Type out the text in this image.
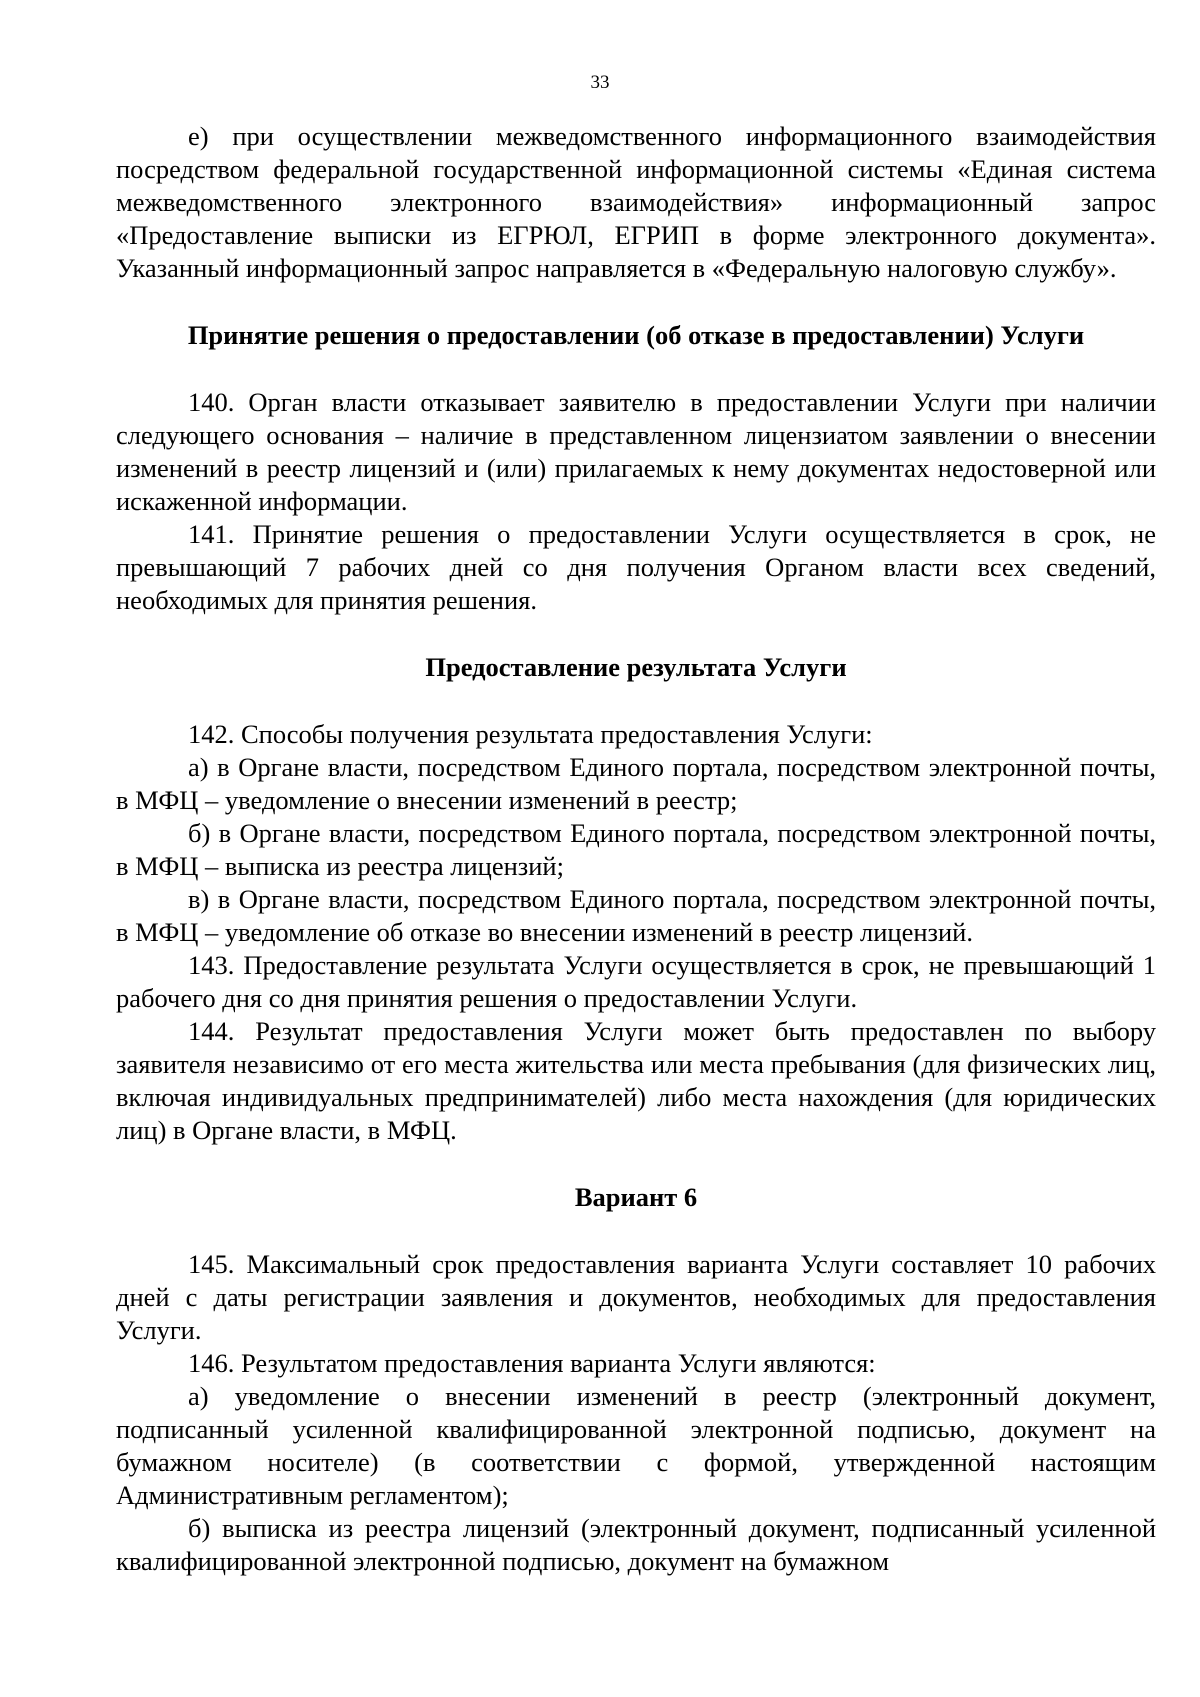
33

е) при осуществлении межведомственного информационного взаимодействия посредством федеральной государственной информационной системы «Единая система межведомственного электронного взаимодействия» информационный запрос «Предоставление выписки из ЕГРЮЛ, ЕГРИП в форме электронного документа». Указанный информационный запрос направляется в «Федеральную налоговую службу».

Принятие решения о предоставлении (об отказе в предоставлении) Услуги

140. Орган власти отказывает заявителю в предоставлении Услуги при наличии следующего основания – наличие в представленном лицензиатом заявлении о внесении изменений в реестр лицензий и (или) прилагаемых к нему документах недостоверной или искаженной информации.

141. Принятие решения о предоставлении Услуги осуществляется в срок, не превышающий 7 рабочих дней со дня получения Органом власти всех сведений, необходимых для принятия решения.

Предоставление результата Услуги

142. Способы получения результата предоставления Услуги:

а) в Органе власти, посредством Единого портала, посредством электронной почты, в МФЦ – уведомление о внесении изменений в реестр;

б) в Органе власти, посредством Единого портала, посредством электронной почты, в МФЦ – выписка из реестра лицензий;

в) в Органе власти, посредством Единого портала, посредством электронной почты, в МФЦ – уведомление об отказе во внесении изменений в реестр лицензий.

143. Предоставление результата Услуги осуществляется в срок, не превышающий 1 рабочего дня со дня принятия решения о предоставлении Услуги.

144. Результат предоставления Услуги может быть предоставлен по выбору заявителя независимо от его места жительства или места пребывания (для физических лиц, включая индивидуальных предпринимателей) либо места нахождения (для юридических лиц) в Органе власти, в МФЦ.

Вариант 6

145. Максимальный срок предоставления варианта Услуги составляет 10 рабочих дней с даты регистрации заявления и документов, необходимых для предоставления Услуги.

146. Результатом предоставления варианта Услуги являются:

а) уведомление о внесении изменений в реестр (электронный документ, подписанный усиленной квалифицированной электронной подписью, документ на бумажном носителе) (в соответствии с формой, утвержденной настоящим Административным регламентом);

б) выписка из реестра лицензий (электронный документ, подписанный усиленной квалифицированной электронной подписью, документ на бумажном
